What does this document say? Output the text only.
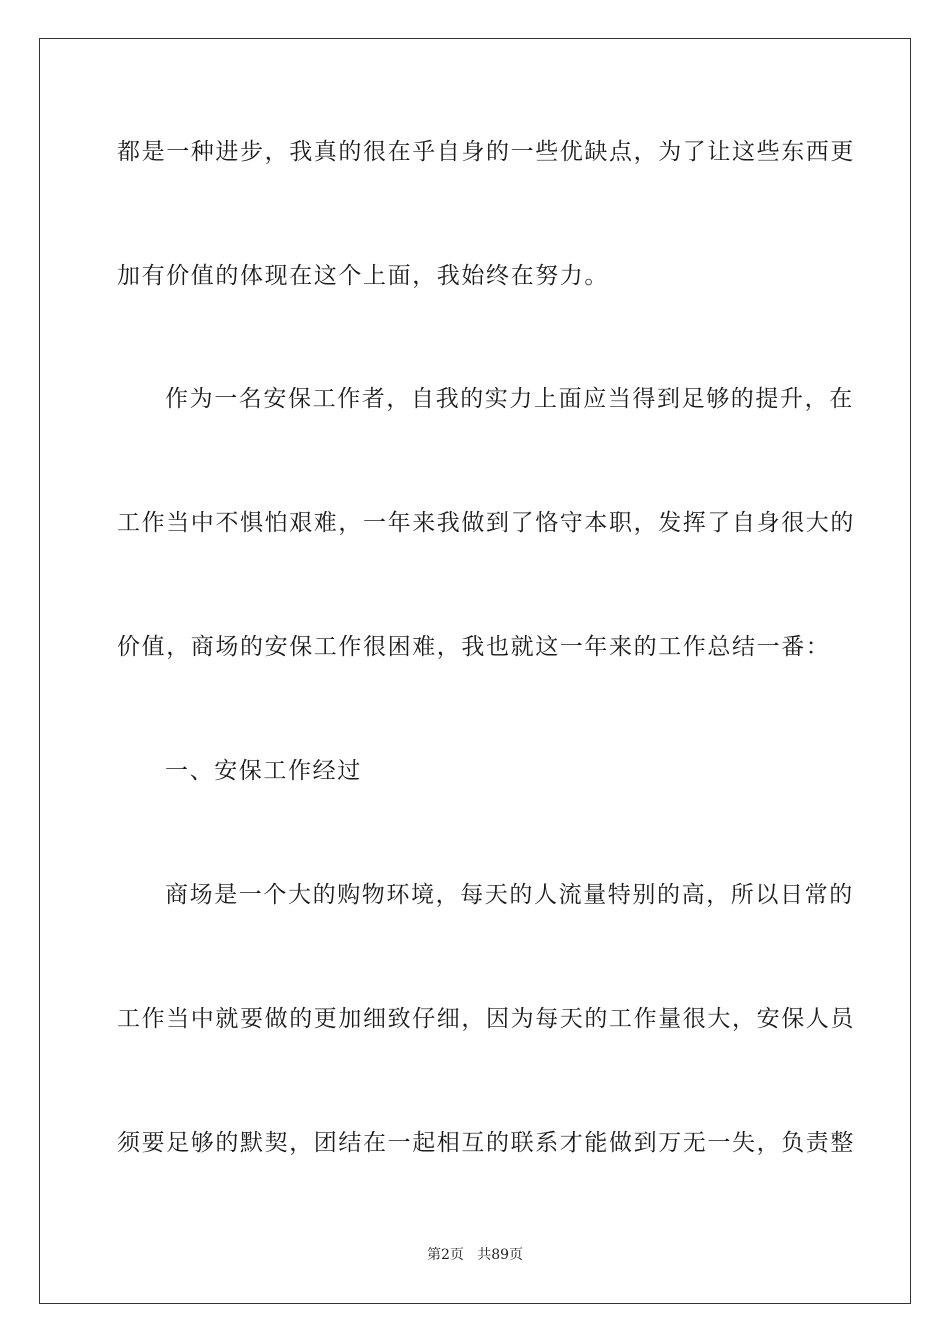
都是一种进步，我真的很在乎自身的一些优缺点，为了让这些东西更
加有价值的体现在这个上面，我始终在努力。
作为一名安保工作者，自我的实力上面应当得到足够的提升，在
工作当中不惧怕艰难，一年来我做到了恪守本职，发挥了自身很大的
价值，商场的安保工作很困难，我也就这一年来的工作总结一番：
一、安保工作经过
商场是一个大的购物环境，每天的人流量特别的高，所以日常的
工作当中就要做的更加细致仔细，因为每天的工作量很大，安保人员
须要足够的默契，团结在一起相互的联系才能做到万无一失，负责整
第2页   共89页
